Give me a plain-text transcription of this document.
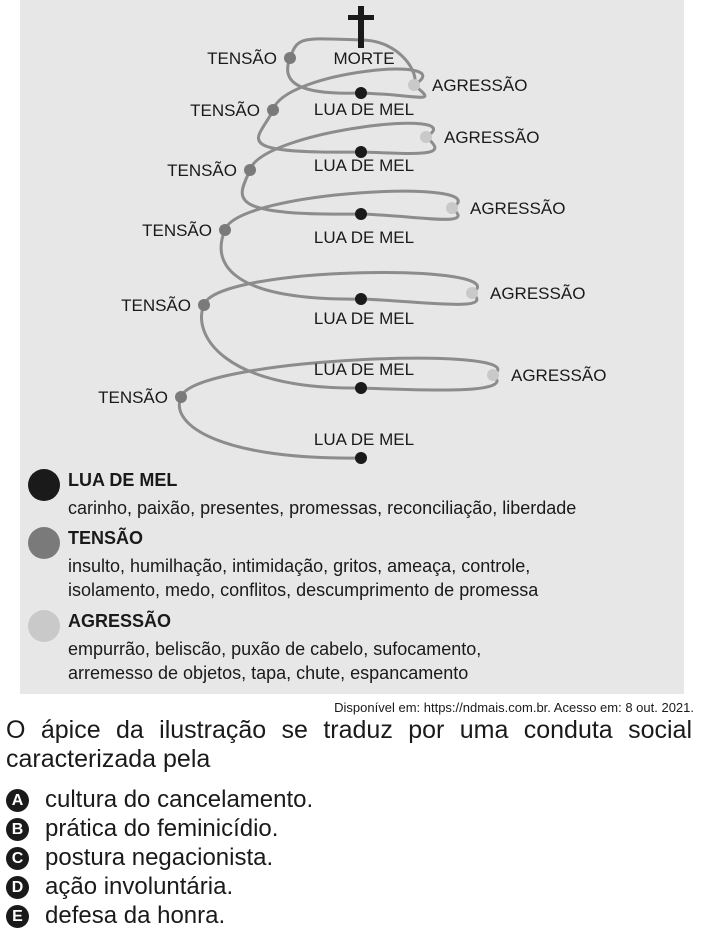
TENSÃO
TENSÃO
TENSÃO
TENSÃO
TENSÃO
TENSÃO
AGRESSÃO
AGRESSÃO
AGRESSÃO
AGRESSÃO
AGRESSÃO
LUA DE MEL
LUA DE MEL
LUA DE MEL
LUA DE MEL
LUA DE MEL
LUA DE MEL
MORTE
LUA DE MEL
carinho, paixão, presentes, promessas, reconciliação, liberdade
TENSÃO
insulto, humilhação, intimidação, gritos, ameaça, controle,
isolamento, medo, conflitos, descumprimento de promessa
AGRESSÃO
empurrão, beliscão, puxão de cabelo, sufocamento,
arremesso de objetos, tapa, chute, espancamento
Disponível em: https://ndmais.com.br. Acesso em: 8 out. 2021.
O ápice da ilustração se traduz por uma conduta social caracterizada pela
A cultura do cancelamento.
B prática do feminicídio.
C postura negacionista.
D ação involuntária.
E defesa da honra.
